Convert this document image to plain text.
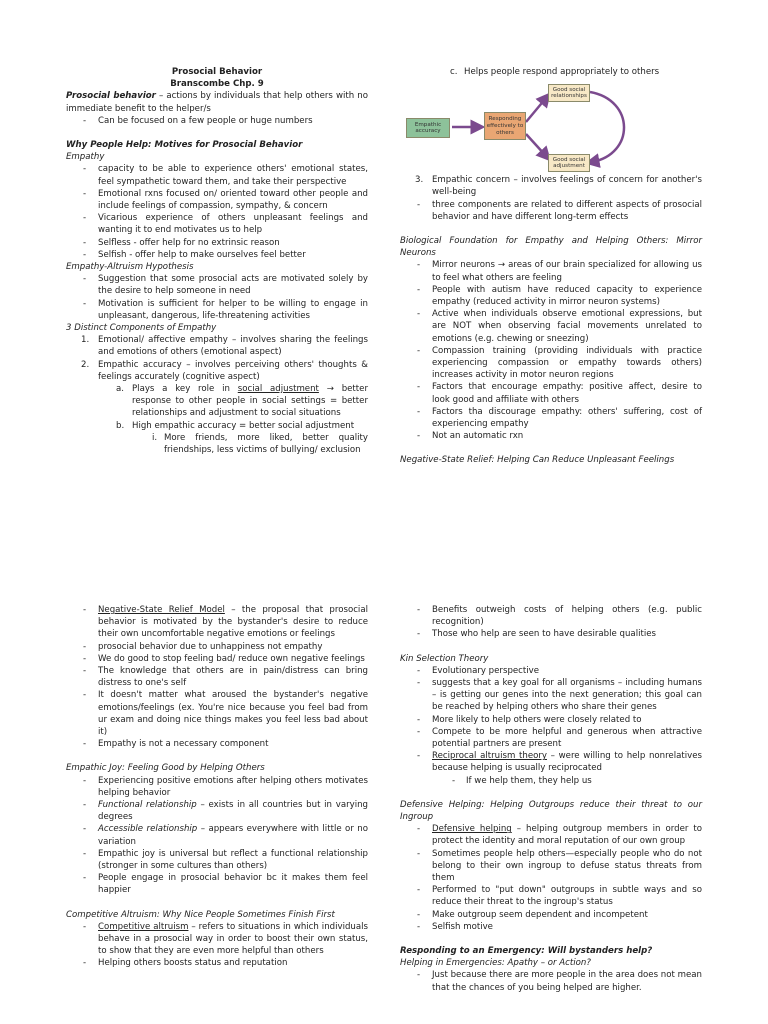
Prosocial Behavior

Branscombe Chp. 9

Prosocial behavior – actions by individuals that help others with no immediate benefit to the helper/s

- Can be focused on a few people or huge numbers

Why People Help: Motives for Prosocial Behavior

Empathy

- capacity to be able to experience others' emotional states, feel sympathetic toward them, and take their perspective
- Emotional rxns focused on/ oriented toward other people and include feelings of compassion, sympathy, & concern
- Vicarious experience of others unpleasant feelings and wanting it to end motivates us to help
- Selfless - offer help for no extrinsic reason
- Selfish - offer help to make ourselves feel better

Empathy-Altruism Hypothesis

- Suggestion that some prosocial acts are motivated solely by the desire to help someone in need
- Motivation is sufficient for helper to be willing to engage in unpleasant, dangerous, life-threatening activities

3 Distinct Components of Empathy

1. Emotional/ affective empathy – involves sharing the feelings and emotions of others (emotional aspect)
2. Empathic accuracy – involves perceiving others' thoughts & feelings accurately (cognitive aspect)
a. Plays a key role in social adjustment → better response to other people in social settings = better relationships and adjustment to social situations
b. High empathic accuracy = better social adjustment
i. More friends, more liked, better quality friendships, less victims of bullying/ exclusion

c. Helps people respond appropriately to others

Empathic accuracy
Responding effectively to others
Good social relationships
Good social adjustment
3. Empathic concern – involves feelings of concern for another's well-being
- three components are related to different aspects of prosocial behavior and have different long-term effects

Biological Foundation for Empathy and Helping Others: Mirror Neurons

- Mirror neurons → areas of our brain specialized for allowing us to feel what others are feeling
- People with autism have reduced capacity to experience empathy (reduced activity in mirror neuron systems)
- Active when individuals observe emotional expressions, but are NOT when observing facial movements unrelated to emotions (e.g. chewing or sneezing)
- Compassion training (providing individuals with practice experiencing compassion or empathy towards others) increases activity in motor neuron regions
- Factors that encourage empathy: positive affect, desire to look good and affiliate with others
- Factors tha discourage empathy: others' suffering, cost of experiencing empathy
- Not an automatic rxn

Negative-State Relief: Helping Can Reduce Unpleasant Feelings

- Negative-State Relief Model – the proposal that prosocial behavior is motivated by the bystander's desire to reduce their own uncomfortable negative emotions or feelings
- prosocial behavior due to unhappiness not empathy
- We do good to stop feeling bad/ reduce own negative feelings
- The knowledge that others are in pain/distress can bring distress to one's self
- It doesn't matter what aroused the bystander's negative emotions/feelings (ex. You're nice because you feel bad from ur exam and doing nice things makes you feel less bad about it)
- Empathy is not a necessary component

Empathic Joy: Feeling Good by Helping Others

- Experiencing positive emotions after helping others motivates helping behavior
- Functional relationship – exists in all countries but in varying degrees
- Accessible relationship – appears everywhere with little or no variation
- Empathic joy is universal but reflect a functional relationship (stronger in some cultures than others)
- People engage in prosocial behavior bc it makes them feel happier

Competitive Altruism: Why Nice People Sometimes Finish First

- Competitive altruism – refers to situations in which individuals behave in a prosocial way in order to boost their own status, to show that they are even more helpful than others
- Helping others boosts status and reputation
- Benefits outweigh costs of helping others (e.g. public recognition)
- Those who help are seen to have desirable qualities

Kin Selection Theory

- Evolutionary perspective
- suggests that a key goal for all organisms – including humans – is getting our genes into the next generation; this goal can be reached by helping others who share their genes
- More likely to help others were closely related to
- Compete to be more helpful and generous when attractive potential partners are present
- Reciprocal altruism theory – were willing to help nonrelatives because helping is usually reciprocated
- If we help them, they help us

Defensive Helping: Helping Outgroups reduce their threat to our Ingroup

- Defensive helping – helping outgroup members in order to protect the identity and moral reputation of our own group
- Sometimes people help others—especially people who do not belong to their own ingroup to defuse status threats from them
- Performed to "put down" outgroups in subtle ways and so reduce their threat to the ingroup's status
- Make outgroup seem dependent and incompetent
- Selfish motive

Responding to an Emergency: Will bystanders help?

Helping in Emergencies: Apathy – or Action?

- Just because there are more people in the area does not mean that the chances of you being helped are higher.
